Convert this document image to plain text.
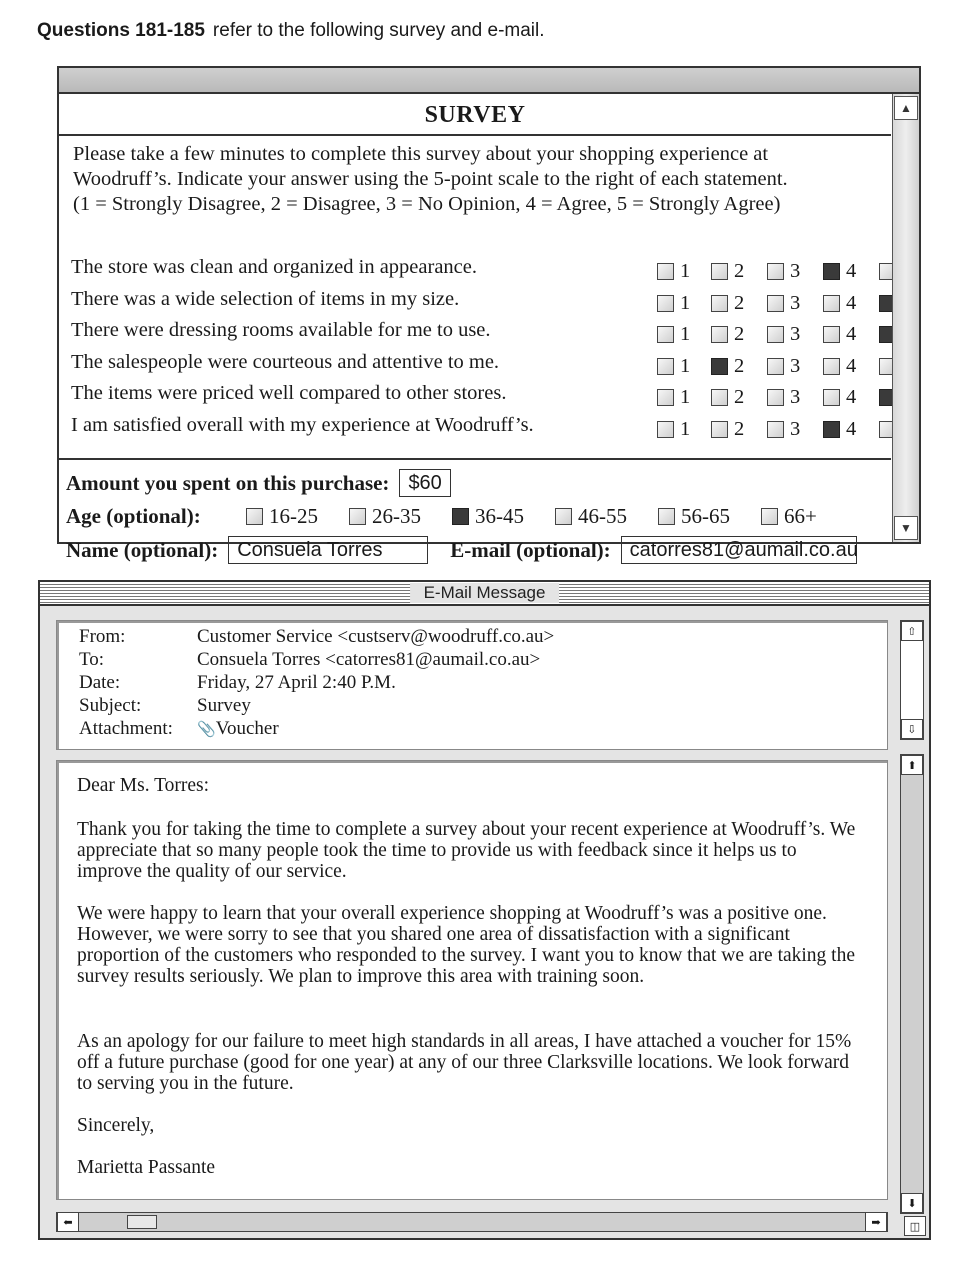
Questions 181-185 refer to the following survey and e-mail.
SURVEY
Please take a few minutes to complete this survey about your shopping experience at
Woodruff’s. Indicate your answer using the 5-point scale to the right of each statement.
(1 = Strongly Disagree, 2 = Disagree, 3 = No Opinion, 4 = Agree, 5 = Strongly Agree)
The store was clean and organized in appearance.	1 2 3 4
There was a wide selection of items in my size.	1 2 3 4
There were dressing rooms available for me to use.	1 2 3 4
The salespeople were courteous and attentive to me.	1 2 3 4
The items were priced well compared to other stores.	1 2 3 4
I am satisfied overall with my experience at Woodruff’s.	1 2 3 4
Amount you spent on this purchase: $60
Age (optional):	16-25	26-35	36-45	46-55	56-65	66+
Name (optional): Consuela Torres	E-mail (optional): catorres81@aumail.co.au
▲
▼
E-Mail Message
From:	Customer Service <custserv@woodruff.co.au>
To:	Consuela Torres <catorres81@aumail.co.au>
Date:	Friday, 27 April 2:40 P.M.
Subject:	Survey
Attachment: 📎Voucher
⇧
⇩

Dear Ms. Torres:

Thank you for taking the time to complete a survey about your recent experience at Woodruff’s. We appreciate that so many people took the time to provide us with feedback since it helps us to improve the quality of our service.

We were happy to learn that your overall experience shopping at Woodruff’s was a positive one. However, we were sorry to see that you shared one area of dissatisfaction with a significant proportion of the customers who responded to the survey. I want you to know that we are taking the survey results seriously. We plan to improve this area with training soon.

As an apology for our failure to meet high standards in all areas, I have attached a voucher for 15% off a future purchase (good for one year) at any of our three Clarksville locations. We look forward to serving you in the future.

Sincerely,

Marietta Passante

⬆
⬇
⬅	➡	◫
